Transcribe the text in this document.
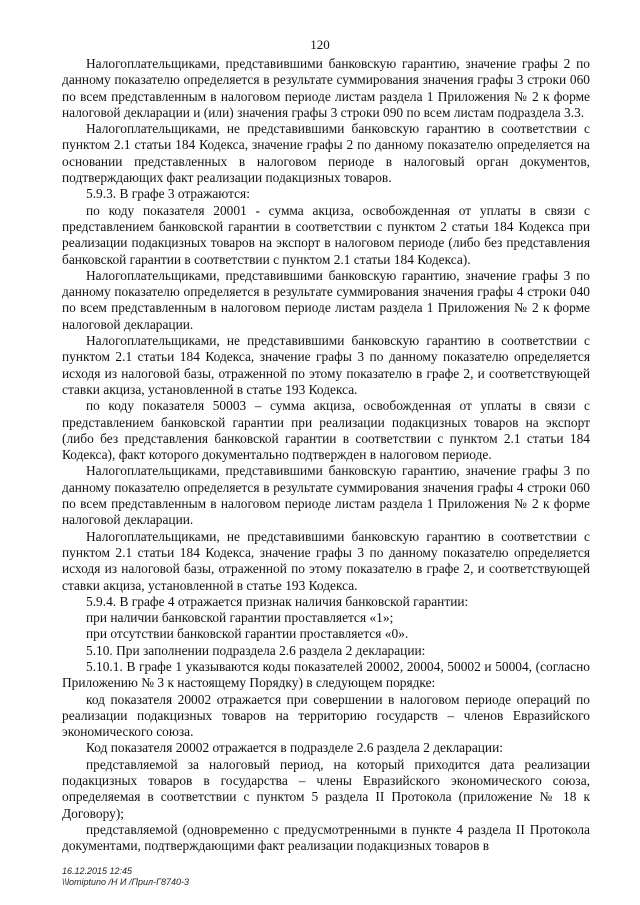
120

Налогоплательщиками, представившими банковскую гарантию, значение графы 2 по данному показателю определяется в результате суммирования значения графы 3 строки 060 по всем представленным в налоговом периоде листам раздела 1 Приложения № 2 к форме налоговой декларации и (или) значения графы 3 строки 090 по всем листам подраздела 3.3.

Налогоплательщиками, не представившими банковскую гарантию в соответствии с пунктом 2.1 статьи 184 Кодекса, значение графы 2 по данному показателю определяется на основании представленных в налоговом периоде в налоговый орган документов, подтверждающих факт реализации подакцизных товаров.

5.9.3. В графе 3 отражаются:

по коду показателя 20001 - сумма акциза, освобожденная от уплаты в связи с представлением банковской гарантии в соответствии с пунктом 2 статьи 184 Кодекса при реализации подакцизных товаров на экспорт в налоговом периоде (либо без представления банковской гарантии в соответствии с пунктом 2.1 статьи 184 Кодекса).

Налогоплательщиками, представившими банковскую гарантию, значение графы 3 по данному показателю определяется в результате суммирования значения графы 4 строки 040 по всем представленным в налоговом периоде листам раздела 1 Приложения № 2 к форме налоговой декларации.

Налогоплательщиками, не представившими банковскую гарантию в соответствии с пунктом 2.1 статьи 184 Кодекса, значение графы 3 по данному показателю определяется исходя из налоговой базы, отраженной по этому показателю в графе 2, и соответствующей ставки акциза, установленной в статье 193 Кодекса.

по коду показателя 50003 – сумма акциза, освобожденная от уплаты в связи с представлением банковской гарантии при реализации подакцизных товаров на экспорт (либо без представления банковской гарантии в соответствии с пунктом 2.1 статьи 184 Кодекса), факт которого документально подтвержден в налоговом периоде.

Налогоплательщиками, представившими банковскую гарантию, значение графы 3 по данному показателю определяется в результате суммирования значения графы 4 строки 060 по всем представленным в налоговом периоде листам раздела 1 Приложения № 2 к форме налоговой декларации.

Налогоплательщиками, не представившими банковскую гарантию в соответствии с пунктом 2.1 статьи 184 Кодекса, значение графы 3 по данному показателю определяется исходя из налоговой базы, отраженной по этому показателю в графе 2, и соответствующей ставки акциза, установленной в статье 193 Кодекса.

5.9.4. В графе 4 отражается признак наличия банковской гарантии:

при наличии банковской гарантии проставляется «1»;

при отсутствии банковской гарантии проставляется «0».

5.10. При заполнении подраздела 2.6 раздела 2 декларации:

5.10.1. В графе 1 указываются коды показателей 20002, 20004, 50002 и 50004, (согласно Приложению № 3 к настоящему Порядку) в следующем порядке:

код показателя 20002 отражается при совершении в налоговом периоде операций по реализации подакцизных товаров на территорию государств – членов Евразийского экономического союза.

Код показателя 20002 отражается в подразделе 2.6 раздела 2 декларации:

представляемой за налоговый период, на который приходится дата реализации подакцизных товаров в государства – члены Евразийского экономического союза, определяемая в соответствии с пунктом 5 раздела II Протокола (приложение № 18 к Договору);

представляемой (одновременно с предусмотренными в пункте 4 раздела II Протокола документами, подтверждающими факт реализации подакцизных товаров в

16.12.2015 12:45
\\lomiptuno /Н И /Прил-Г8740-3
